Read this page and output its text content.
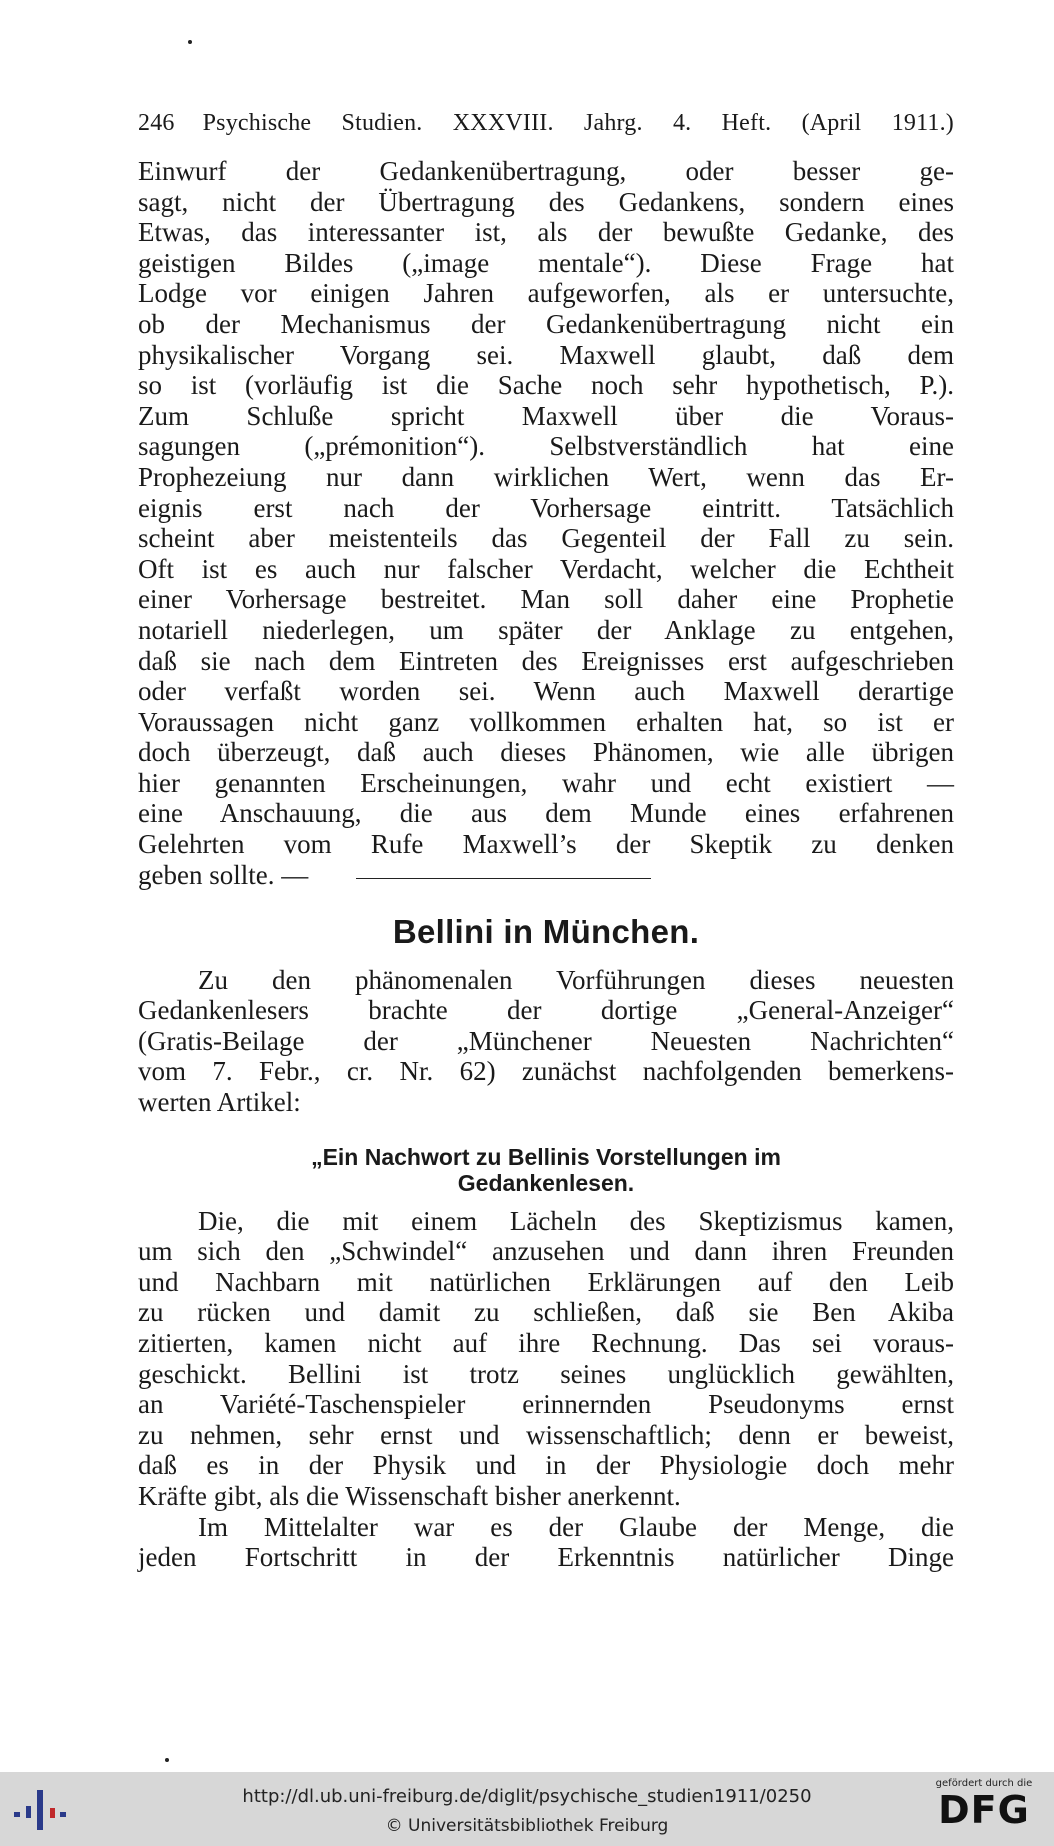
246 Psychische Studien. XXXVIII. Jahrg. 4. Heft. (April 1911.)

Einwurf der Gedankenübertragung, oder besser ge-

sagt, nicht der Übertragung des Gedankens, sondern eines

Etwas, das interessanter ist, als der bewußte Gedanke, des

geistigen Bildes („image mentale“). Diese Frage hat

Lodge vor einigen Jahren aufgeworfen, als er untersuchte,

ob der Mechanismus der Gedankenübertragung nicht ein

physikalischer Vorgang sei. Maxwell glaubt, daß dem

so ist (vorläufig ist die Sache noch sehr hypothetisch, P.).

Zum Schluße spricht Maxwell über die Voraus-

sagungen („prémonition“). Selbstverständlich hat eine

Prophezeiung nur dann wirklichen Wert, wenn das Er-

eignis erst nach der Vorhersage eintritt. Tatsächlich

scheint aber meistenteils das Gegenteil der Fall zu sein.

Oft ist es auch nur falscher Verdacht, welcher die Echtheit

einer Vorhersage bestreitet. Man soll daher eine Prophetie

notariell niederlegen, um später der Anklage zu entgehen,

daß sie nach dem Eintreten des Ereignisses erst aufgeschrieben

oder verfaßt worden sei. Wenn auch Maxwell derartige

Voraussagen nicht ganz vollkommen erhalten hat, so ist er

doch überzeugt, daß auch dieses Phänomen, wie alle übrigen

hier genannten Erscheinungen, wahr und echt existiert —

eine Anschauung, die aus dem Munde eines erfahrenen

Gelehrten vom Rufe Maxwell’s der Skeptik zu denken

geben sollte. —
Bellini in München.

Zu den phänomenalen Vorführungen dieses neuesten

Gedankenlesers brachte der dortige „General-Anzeiger“

(Gratis-Beilage der „Münchener Neuesten Nachrichten“

vom 7. Febr., cr. Nr. 62) zunächst nachfolgenden bemerkens-

werten Artikel:

„Ein Nachwort zu Bellinis Vorstellungen im
Gedankenlesen.

Die, die mit einem Lächeln des Skeptizismus kamen,

um sich den „Schwindel“ anzusehen und dann ihren Freunden

und Nachbarn mit natürlichen Erklärungen auf den Leib

zu rücken und damit zu schließen, daß sie Ben Akiba

zitierten, kamen nicht auf ihre Rechnung. Das sei voraus-

geschickt. Bellini ist trotz seines unglücklich gewählten,

an Variété-Taschenspieler erinnernden Pseudonyms ernst

zu nehmen, sehr ernst und wissenschaftlich; denn er beweist,

daß es in der Physik und in der Physiologie doch mehr

Kräfte gibt, als die Wissenschaft bisher anerkennt.

Im Mittelalter war es der Glaube der Menge, die

jeden Fortschritt in der Erkenntnis natürlicher Dinge

http://dl.ub.uni-freiburg.de/diglit/psychische_studien1911/0250
© Universitätsbibliothek Freiburg
gefördert durch die
DFG
